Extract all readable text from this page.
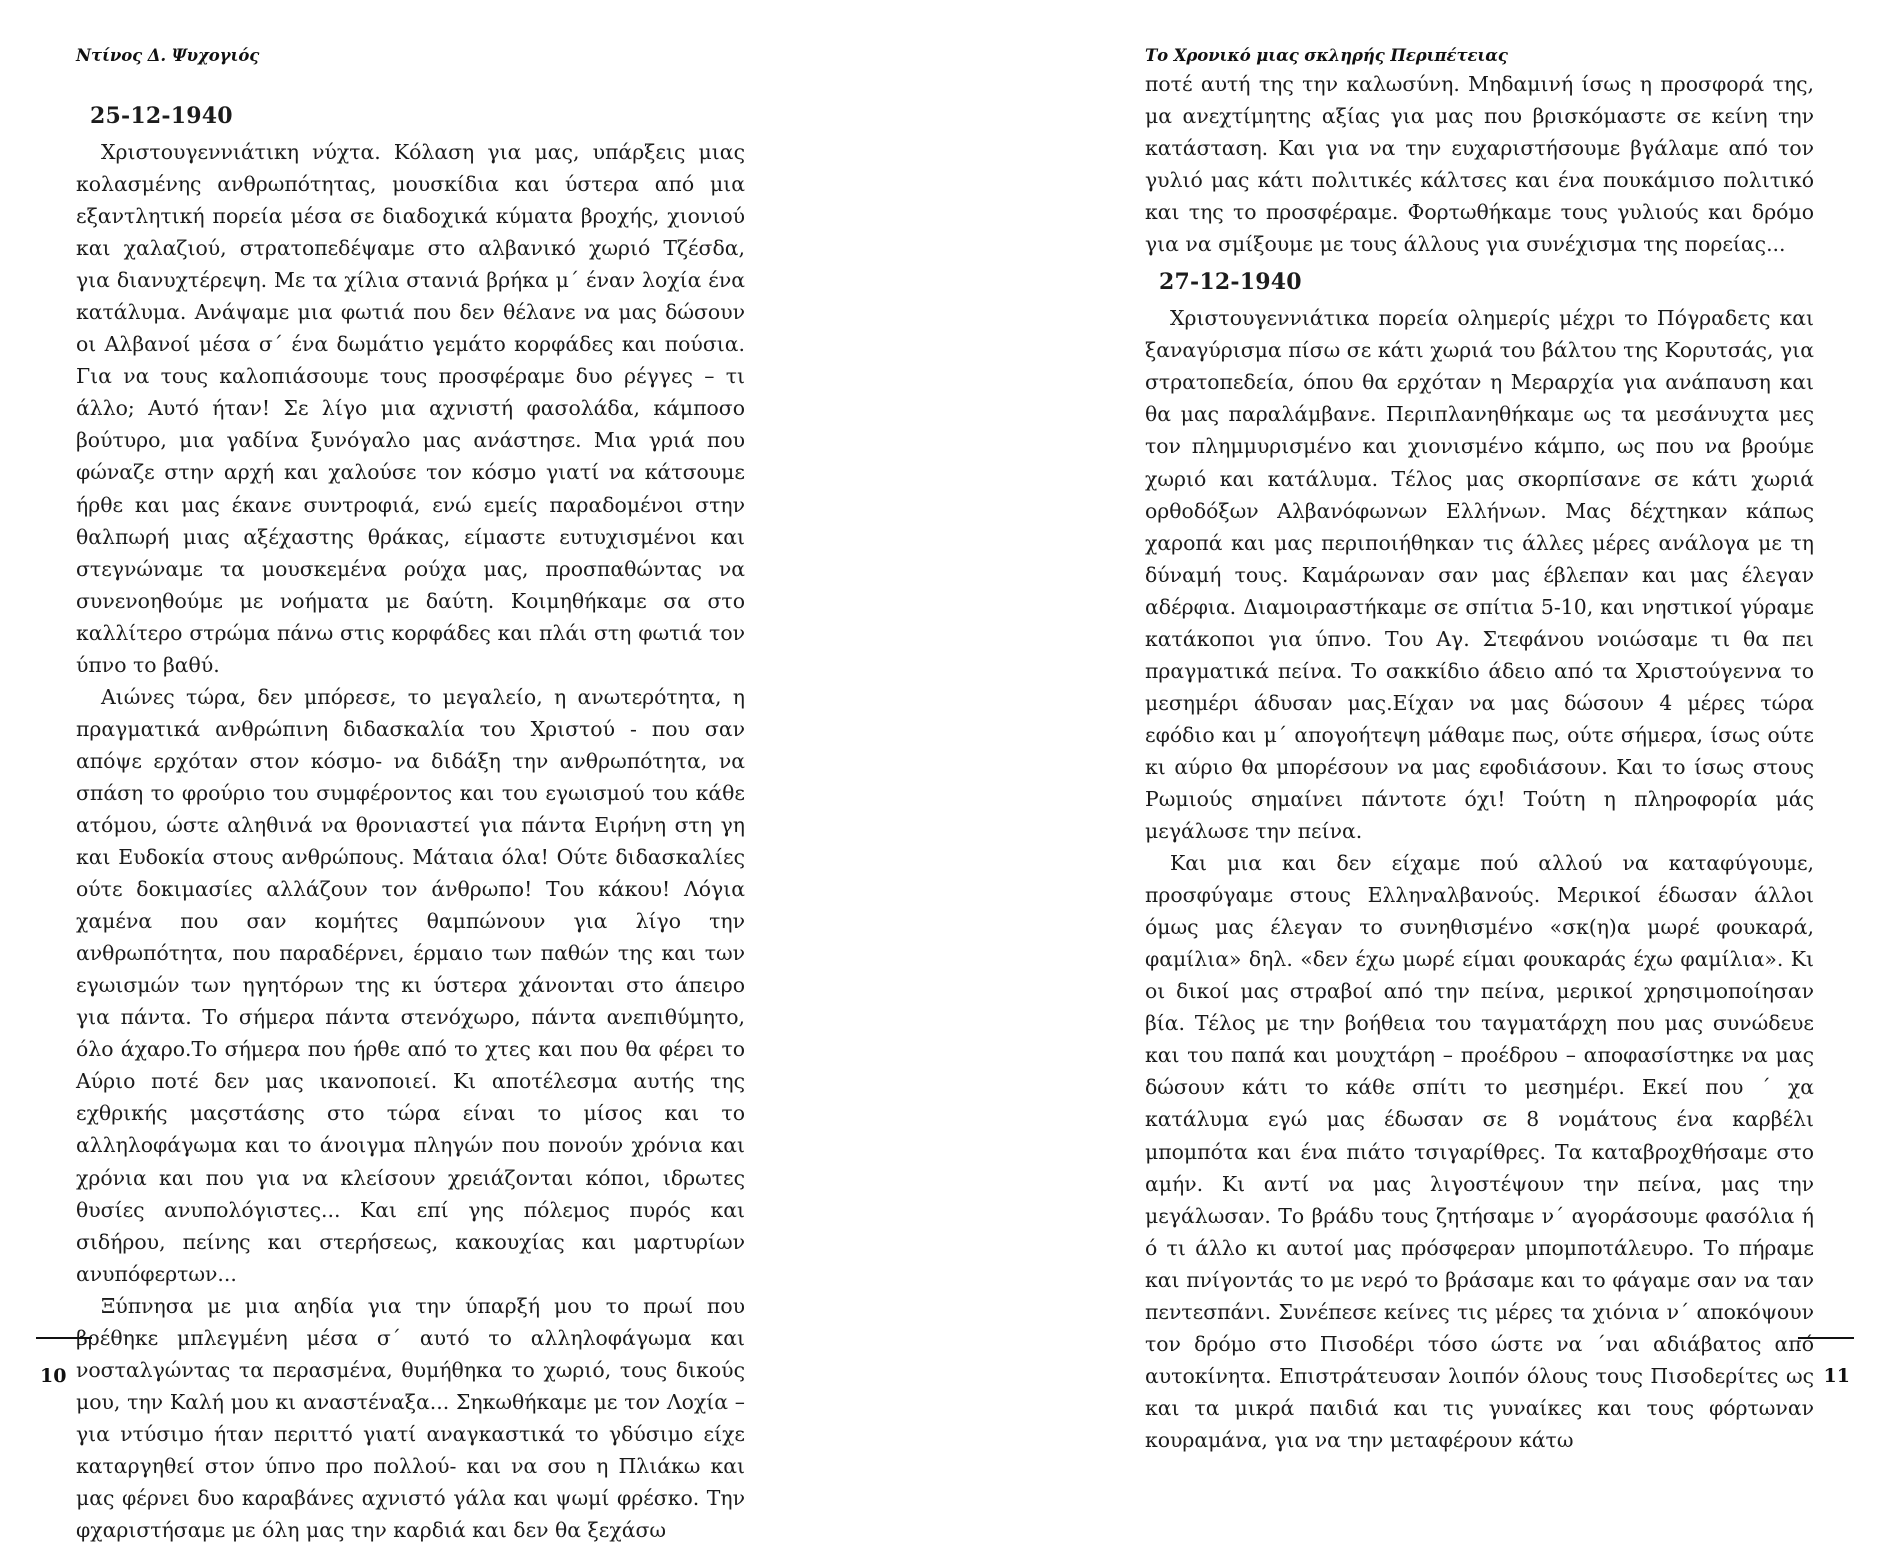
Ντίνος Δ. Ψυχογιός
25-12-1940

Χριστουγεννιάτικη νύχτα. Κόλαση για μας, υπάρξεις μιας κολασμένης ανθρωπότητας, μουσκίδια και ύστερα από μια εξαντλητική πορεία μέσα σε διαδοχικά κύματα βροχής, χιονιού και χαλαζιού, στρατοπεδέψαμε στο αλβανικό χωριό Τζέσδα, για διανυχτέρεψη. Με τα χίλια στανιά βρήκα μ΄ έναν λοχία ένα κατάλυμα. Ανάψαμε μια φωτιά που δεν θέλανε να μας δώσουν οι Αλβανοί μέσα σ΄ ένα δωμάτιο γεμάτο κορφάδες και πούσια. Για να τους καλοπιάσουμε τους προσφέραμε δυο ρέγγες – τι άλλο; Αυτό ήταν! Σε λίγο μια αχνιστή φασολάδα, κάμποσο βούτυρο, μια γαδίνα ξυνόγαλο μας ανάστησε. Μια γριά που φώναζε στην αρχή και χαλούσε τον κόσμο γιατί να κάτσουμε ήρθε και μας έκανε συντροφιά, ενώ εμείς παραδομένοι στην θαλπωρή μιας αξέχαστης θράκας, είμαστε ευτυχισμένοι και στεγνώναμε τα μουσκεμένα ρούχα μας, προσπαθώντας να συνενοηθούμε με νοήματα με δαύτη. Κοιμηθήκαμε σα στο καλλίτερο στρώμα πάνω στις κορφάδες και πλάι στη φωτιά τον ύπνο το βαθύ.

Αιώνες τώρα, δεν μπόρεσε, το μεγαλείο, η ανωτερότητα, η πραγματικά ανθρώπινη διδασκαλία του Χριστού - που σαν απόψε ερχόταν στον κόσμο- να διδάξη την ανθρωπότητα, να σπάση το φρούριο του συμφέροντος και του εγωισμού του κάθε ατόμου, ώστε αληθινά να θρονιαστεί για πάντα Ειρήνη στη γη και Ευδοκία στους ανθρώπους. Μάταια όλα! Ούτε διδασκαλίες ούτε δοκιμασίες αλλάζουν τον άνθρωπο! Του κάκου! Λόγια χαμένα που σαν κομήτες θαμπώνουν για λίγο την ανθρωπότητα, που παραδέρνει, έρμαιο των παθών της και των εγωισμών των ηγητόρων της κι ύστερα χάνονται στο άπειρο για πάντα. Το σήμερα πάντα στενόχωρο, πάντα ανεπιθύμητο, όλο άχαρο.Το σήμερα που ήρθε από το χτες και που θα φέρει το Αύριο ποτέ δεν μας ικανοποιεί. Κι αποτέλεσμα αυτής της εχθρικής μαςστάσης στο τώρα είναι το μίσος και το αλληλοφάγωμα και το άνοιγμα πληγών που πονούν χρόνια και χρόνια και που για να κλείσουν χρειάζονται κόποι, ιδρωτες θυσίες ανυπολόγιστες... Και επί γης πόλεμος πυρός και σιδήρου, πείνης και στερήσεως, κακουχίας και μαρτυρίων ανυπόφερτων...

Ξύπνησα με μια αηδία για την ύπαρξή μου το πρωί που βρέθηκε μπλεγμένη μέσα σ΄ αυτό το αλληλοφάγωμα και νοσταλγώντας τα περασμένα, θυμήθηκα το χωριό, τους δικούς μου, την Καλή μου κι αναστέναξα... Σηκωθήκαμε με τον Λοχία – για ντύσιμο ήταν περιττό γιατί αναγκαστικά το γδύσιμο είχε καταργηθεί στον ύπνο προ πολλού- και να σου η Πλιάκω και μας φέρνει δυο καραβάνες αχνιστό γάλα και ψωμί φρέσκο. Την φχαριστήσαμε με όλη μας την καρδιά και δεν θα ξεχάσω

10
Το Χρονικό μιας σκληρής Περιπέτειας

ποτέ αυτή της την καλωσύνη. Μηδαμινή ίσως η προσφορά της, μα ανεχτίμητης αξίας για μας που βρισκόμαστε σε κείνη την κατάσταση. Και για να την ευχαριστήσουμε βγάλαμε από τον γυλιό μας κάτι πολιτικές κάλτσες και ένα πουκάμισο πολιτικό και της το προσφέραμε. Φορτωθήκαμε τους γυλιούς και δρόμο για να σμίξουμε με τους άλλους για συνέχισμα της πορείας...

27-12-1940

Χριστουγεννιάτικα πορεία ολημερίς μέχρι το Πόγραδετς και ξαναγύρισμα πίσω σε κάτι χωριά του βάλτου της Κορυτσάς, για στρατοπεδεία, όπου θα ερχόταν η Μεραρχία για ανάπαυση και θα μας παραλάμβανε. Περιπλανηθήκαμε ως τα μεσάνυχτα μες τον πλημμυρισμένο και χιονισμένο κάμπο, ως που να βρούμε χωριό και κατάλυμα. Τέλος μας σκορπίσανε σε κάτι χωριά ορθοδόξων Αλβανόφωνων Ελλήνων. Μας δέχτηκαν κάπως χαροπά και μας περιποιήθηκαν τις άλλες μέρες ανάλογα με τη δύναμή τους. Καμάρωναν σαν μας έβλεπαν και μας έλεγαν αδέρφια. Διαμοιραστήκαμε σε σπίτια 5-10, και νηστικοί γύραμε κατάκοποι για ύπνο. Του Αγ. Στεφάνου νοιώσαμε τι θα πει πραγματικά πείνα. Το σακκίδιο άδειο από τα Χριστούγεννα το μεσημέρι άδυσαν μας.Είχαν να μας δώσουν 4 μέρες τώρα εφόδιο και μ΄ απογοήτεψη μάθαμε πως, ούτε σήμερα, ίσως ούτε κι αύριο θα μπορέσουν να μας εφοδιάσουν. Και το ίσως στους Ρωμιούς σημαίνει πάντοτε όχι! Τούτη η πληροφορία μάς μεγάλωσε την πείνα.

Και μια και δεν είχαμε πού αλλού να καταφύγουμε, προσφύγαμε στους Ελληναλβανούς. Μερικοί έδωσαν άλλοι όμως μας έλεγαν το συνηθισμένο «σκ(η)α μωρέ φουκαρά, φαμίλια» δηλ. «δεν έχω μωρέ είμαι φουκαράς έχω φαμίλια». Κι οι δικοί μας στραβοί από την πείνα, μερικοί χρησιμοποίησαν βία. Τέλος με την βοήθεια του ταγματάρχη που μας συνώδευε και του παπά και μουχτάρη – προέδρου – αποφασίστηκε να μας δώσουν κάτι το κάθε σπίτι το μεσημέρι. Εκεί που ΄ χα κατάλυμα εγώ μας έδωσαν σε 8 νομάτους ένα καρβέλι μπομπότα και ένα πιάτο τσιγαρίθρες. Τα καταβροχθήσαμε στο αμήν. Κι αντί να μας λιγοστέψουν την πείνα, μας την μεγάλωσαν. Το βράδυ τους ζητήσαμε ν΄ αγοράσουμε φασόλια ή ό τι άλλο κι αυτοί μας πρόσφεραν μπομποτάλευρο. Το πήραμε και πνίγοντάς το με νερό το βράσαμε και το φάγαμε σαν να ταν πεντεσπάνι. Συνέπεσε κείνες τις μέρες τα χιόνια ν΄ αποκόψουν τον δρόμο στο Πισοδέρι τόσο ώστε να ΄ναι αδιάβατος από αυτοκίνητα. Επιστράτευσαν λοιπόν όλους τους Πισοδερίτες ως και τα μικρά παιδιά και τις γυναίκες και τους φόρτωναν κουραμάνα, για να την μεταφέρουν κάτω

11
